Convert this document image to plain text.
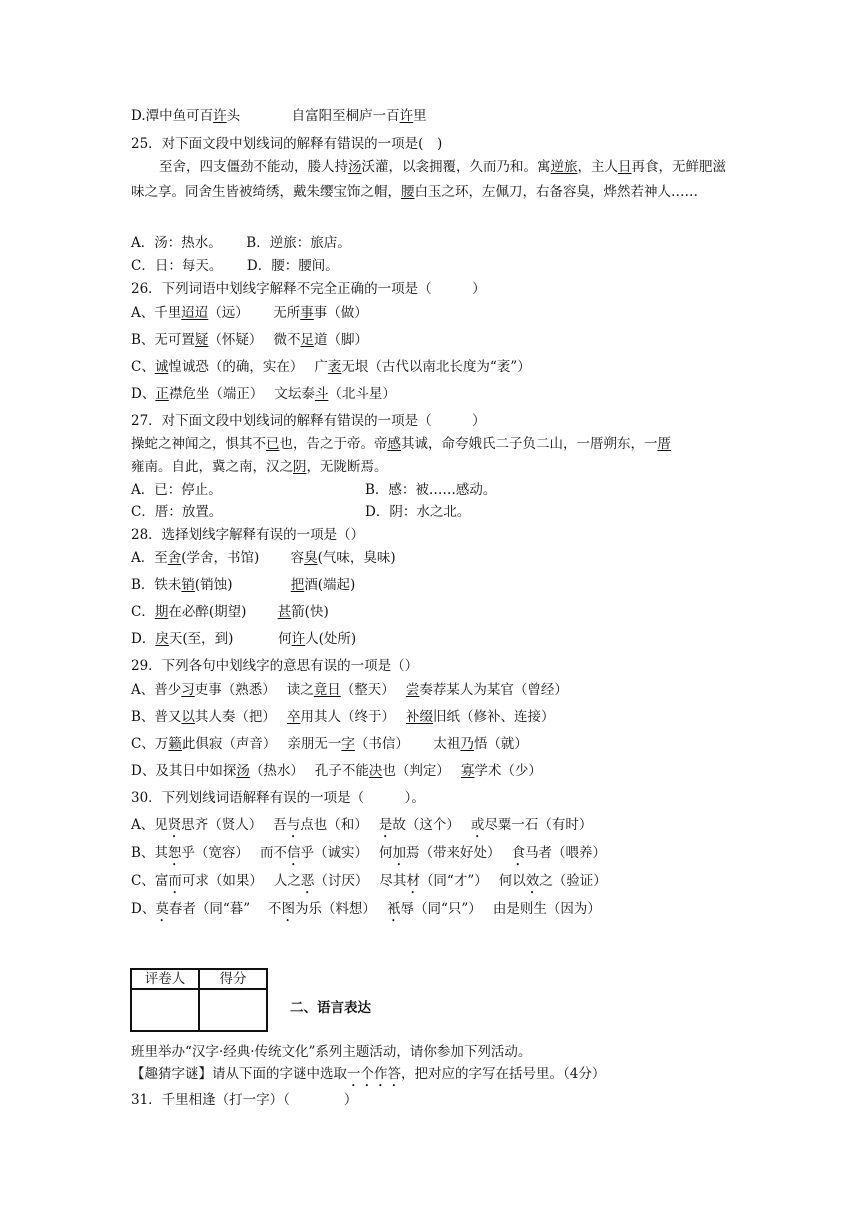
D.潭中鱼可百许头	自富阳至桐庐一百许里
25．对下面文段中划线词的解释有错误的一项是(　)
至舍，四支僵劲不能动，媵人持汤沃灌，以衾拥覆，久而乃和。寓逆旅，主人日再食，无鲜肥滋味之享。同舍生皆被绮绣，戴朱缨宝饰之帽，腰白玉之环，左佩刀，右备容臭，烨然若神人……
A．汤：热水。　　 B．逆旅：旅店。
C．日：每天。　　 D．腰：腰间。
26．下列词语中划线字解释不完全正确的一项是（　　　）
A、千里迢迢（远）　　 无所事事（做）
B、无可置疑（怀疑）　 微不足道（脚）
C、诚惶诚恐（的确，实在）　 广袤无垠（古代以南北长度为“袤”）
D、正襟危坐（端正）　 文坛泰斗（北斗星）
27．对下面文段中划线词的解释有错误的一项是（　　　）
操蛇之神闻之，惧其不已也，告之于帝。帝感其诚，命夸娥氏二子负二山，一厝朔东，一厝
雍南。自此，冀之南，汉之阴，无陇断焉。
A．已：停止。	B．感：被……感动。
C．厝：放置。	D．阴：水之北。
28．选择划线字解释有误的一项是（）
A．至舍(学舍，书馆)　　 容臭(气味，臭味)
B．铁未销(销蚀)　　　　 把酒(端起)
C．期在必醉(期望)　　 甚箭(快)
D．戾天(至，到)　　　 何许人(处所)
29．下列各句中划线字的意思有误的一项是（）
A、普少习吏事（熟悉）　 读之竟日（整天）　 尝奏荐某人为某官（曾经）
B、普又以其人奏（把）　 卒用其人（终于）　 补缀旧纸（修补、连接）
C、万籁此俱寂（声音）　 亲朋无一字（书信）　　 太祖乃悟（就）
D、及其日中如探汤（热水）　 孔子不能决也（判定）　 寡学术（少）
30．下列划线词语解释有误的一项是（　　　）。
A、见贤思齐（贤人）　 吾与点也（和）　 是故（这个）　 或尽粟一石（有时）
B、其恕乎（宽容）　 而不信乎（诚实）　 何加焉（带来好处）　 食马者（喂养）
C、富而可求（如果）　 人之恶（讨厌）　 尽其材（同“才”）　 何以效之（验证）
D、莫春者（同“暮”　 不图为乐（料想）　 衹辱（同“只”）　 由是则生（因为）
评卷人	得分

二、语言表达
班里举办“汉字·经典·传统文化”系列主题活动，请你参加下列活动。
【趣猜字谜】请从下面的字谜中选取一个作答，把对应的字写在括号里。（4分）
31．千里相逢（打一字）（　　　　）
